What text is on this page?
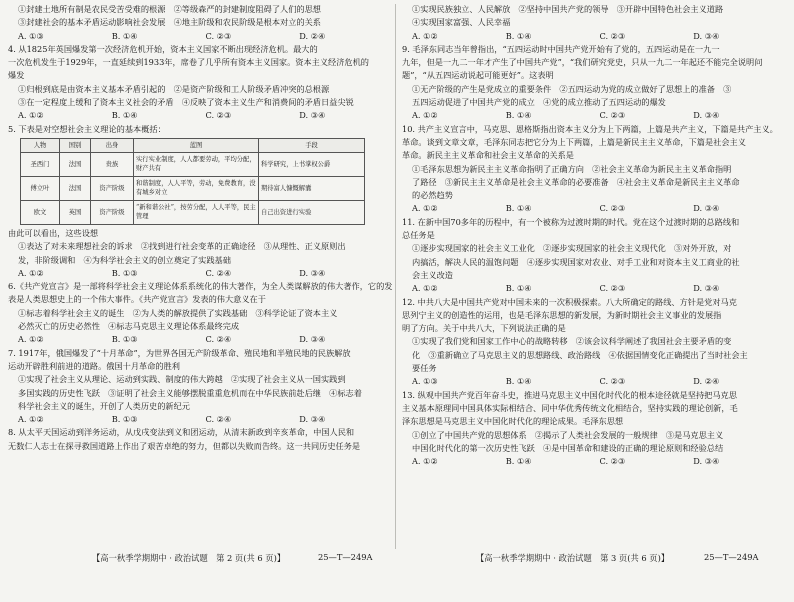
①封建土地所有制是农民受苦受难的根源　②等级森严的封建制度阻碍了人们的思想
③封建社会的基本矛盾运动影响社会发展　④地主阶级和农民阶级是根本对立的关系
A. ①③	B. ①④	C. ②③	D. ②④
4. 从1825年英国爆发第一次经济危机开始，资本主义国家不断出现经济危机。最大的
一次危机发生于1929年，一直延续到1933年，席卷了几乎所有资本主义国家。资本主义经济危机的
爆发
①归根到底是由资本主义基本矛盾引起的　②是资产阶级和工人阶级矛盾冲突的总根源
③在一定程度上缓和了资本主义社会的矛盾　④反映了资本主义生产和消费间的矛盾日益尖锐
A. ①②	B. ①④	C. ②③	D. ③④
5. 下表是对空想社会主义理论的基本概括：
人物	国别	出身	蓝图	手段
圣西门	法国	贵族	实行实业制度，人人都要劳动，平均分配，财产共有	科学研究，上书掌权公爵
傅立叶	法国	资产阶级	和谐制度，人人平等，劳动，免费教育，没有城乡对立	期待富人慷慨解囊
欧文	英国	资产阶级	“新和谐公社”，按劳分配，人人平等，民主管理	自己出资进行实验
由此可以看出，这些设想
①表达了对未来理想社会的诉求　②找到进行社会变革的正确途径　③从理性、正义原则出
发，非阶级调和　④为科学社会主义的创立奠定了实践基础
A. ①②	B. ①③	C. ②④	D. ③④
6.《共产党宣言》是一部将科学社会主义理论体系系统化的伟大著作，为全人类谋解放的伟大著作，它的发
表是人类思想史上的一个伟大事件。《共产党宣言》发表的伟大意义在于
①标志着科学社会主义的诞生　②为人类的解放提供了实践基础　③科学论证了资本主义
必然灭亡的历史必然性　④标志马克思主义理论体系最终完成
A. ①②	B. ①③	C. ②④	D. ③④
7. 1917年，俄国爆发了“十月革命”，为世界各国无产阶级革命、殖民地和半殖民地的民族解放
运动开辟胜利前进的道路。俄国十月革命的胜利
①实现了社会主义从理论、运动到实践、制度的伟大跨越　②实现了社会主义从一国实践到
多国实践的历史性飞跃　③证明了社会主义能够摆脱重重危机而在中华民族前赴后继　④标志着
科学社会主义的诞生，开创了人类历史的新纪元
A. ①②	B. ①③	C. ②④	D. ③④
8. 从太平天国运动到洋务运动，从戊戌变法到义和团运动，从清末新政到辛亥革命，中国人民和
无数仁人志士在探寻救国道路上作出了艰苦卓绝的努力，但都以失败而告终。这一共同历史任务是
①实现民族独立、人民解放　②坚持中国共产党的领导　③开辟中国特色社会主义道路
④实现国家富强、人民幸福
A. ①②	B. ①④	C. ②③	D. ③④
9. 毛泽东同志当年曾指出，“五四运动时中国共产党开始有了党的，五四运动是在一九一
九年，但是一九二一年才产生了中国共产党”，“我们研究党史，只从一九二一年起还不能完全说明问
题”，“从五四运动说起可能更好”。这表明
①无产阶级的产生是党成立的重要条件　②五四运动为党的成立做好了思想上的准备　③
五四运动促进了中国共产党的成立　④党的成立推动了五四运动的爆发
A. ①②	B. ①④	C. ②③	D. ③④
10. 共产主义宣言中，马克思、恩格斯指出资本主义分为上下两篇，上篇是共产主义，下篇是共产主义。
革命。谈到文章文章，毛泽东同志把它分为上下两篇，上篇是新民主主义革命，下篇是社会主义
革命。新民主主义革命和社会主义革命的关系是
①毛泽东思想为新民主主义革命指明了正确方向　②社会主义革命为新民主主义革命指明
了路径　③新民主主义革命是社会主义革命的必要准备　④社会主义革命是新民主主义革命
的必然趋势
A. ①②	B. ①④	C. ②③	D. ③④
11. 在新中国70多年的历程中，有一个被称为过渡时期的时代。党在这个过渡时期的总路线和
总任务是
①逐步实现国家的社会主义工业化　②逐步实现国家的社会主义现代化　③对外开放，对
内搞活，解决人民的温饱问题　④逐步实现国家对农业、对手工业和对资本主义工商业的社
会主义改造
A. ①②	B. ①④	C. ②③	D. ③④
12. 中共八大是中国共产党对中国未来的一次积极探索。八大所确定的路线、方针是党对马克
思列宁主义的创造性的运用，也是毛泽东思想的新发展，为新时期社会主义事业的发展指
明了方向。关于中共八大，下列说法正确的是
①实现了我们党和国家工作中心的战略转移　②该会议科学阐述了我国社会主要矛盾的变
化　③重新确立了马克思主义的思想路线、政治路线　④依据国情变化正确提出了当时社会主
要任务
A. ①③	B. ①④	C. ②③	D. ②④
13. 纵观中国共产党百年奋斗史，推进马克思主义中国化时代化的根本途径就是坚持把马克思
主义基本原理同中国具体实际相结合、同中华优秀传统文化相结合，坚持实践的理论创新，毛
泽东思想是马克思主义中国化时代化的理论成果。毛泽东思想
①创立了中国共产党的思想体系　②揭示了人类社会发展的一般规律　③是马克思主义
中国化时代化的第一次历史性飞跃　④是中国革命和建设的正确的理论原则和经验总结
A. ①②	B. ①④	C. ②③	D. ③④
【高一秋季学期期中 · 政治试题　第 2 页(共 6 页)】	25—T—249A	【高一秋季学期期中 · 政治试题　第 3 页(共 6 页)】	25—T—249A
